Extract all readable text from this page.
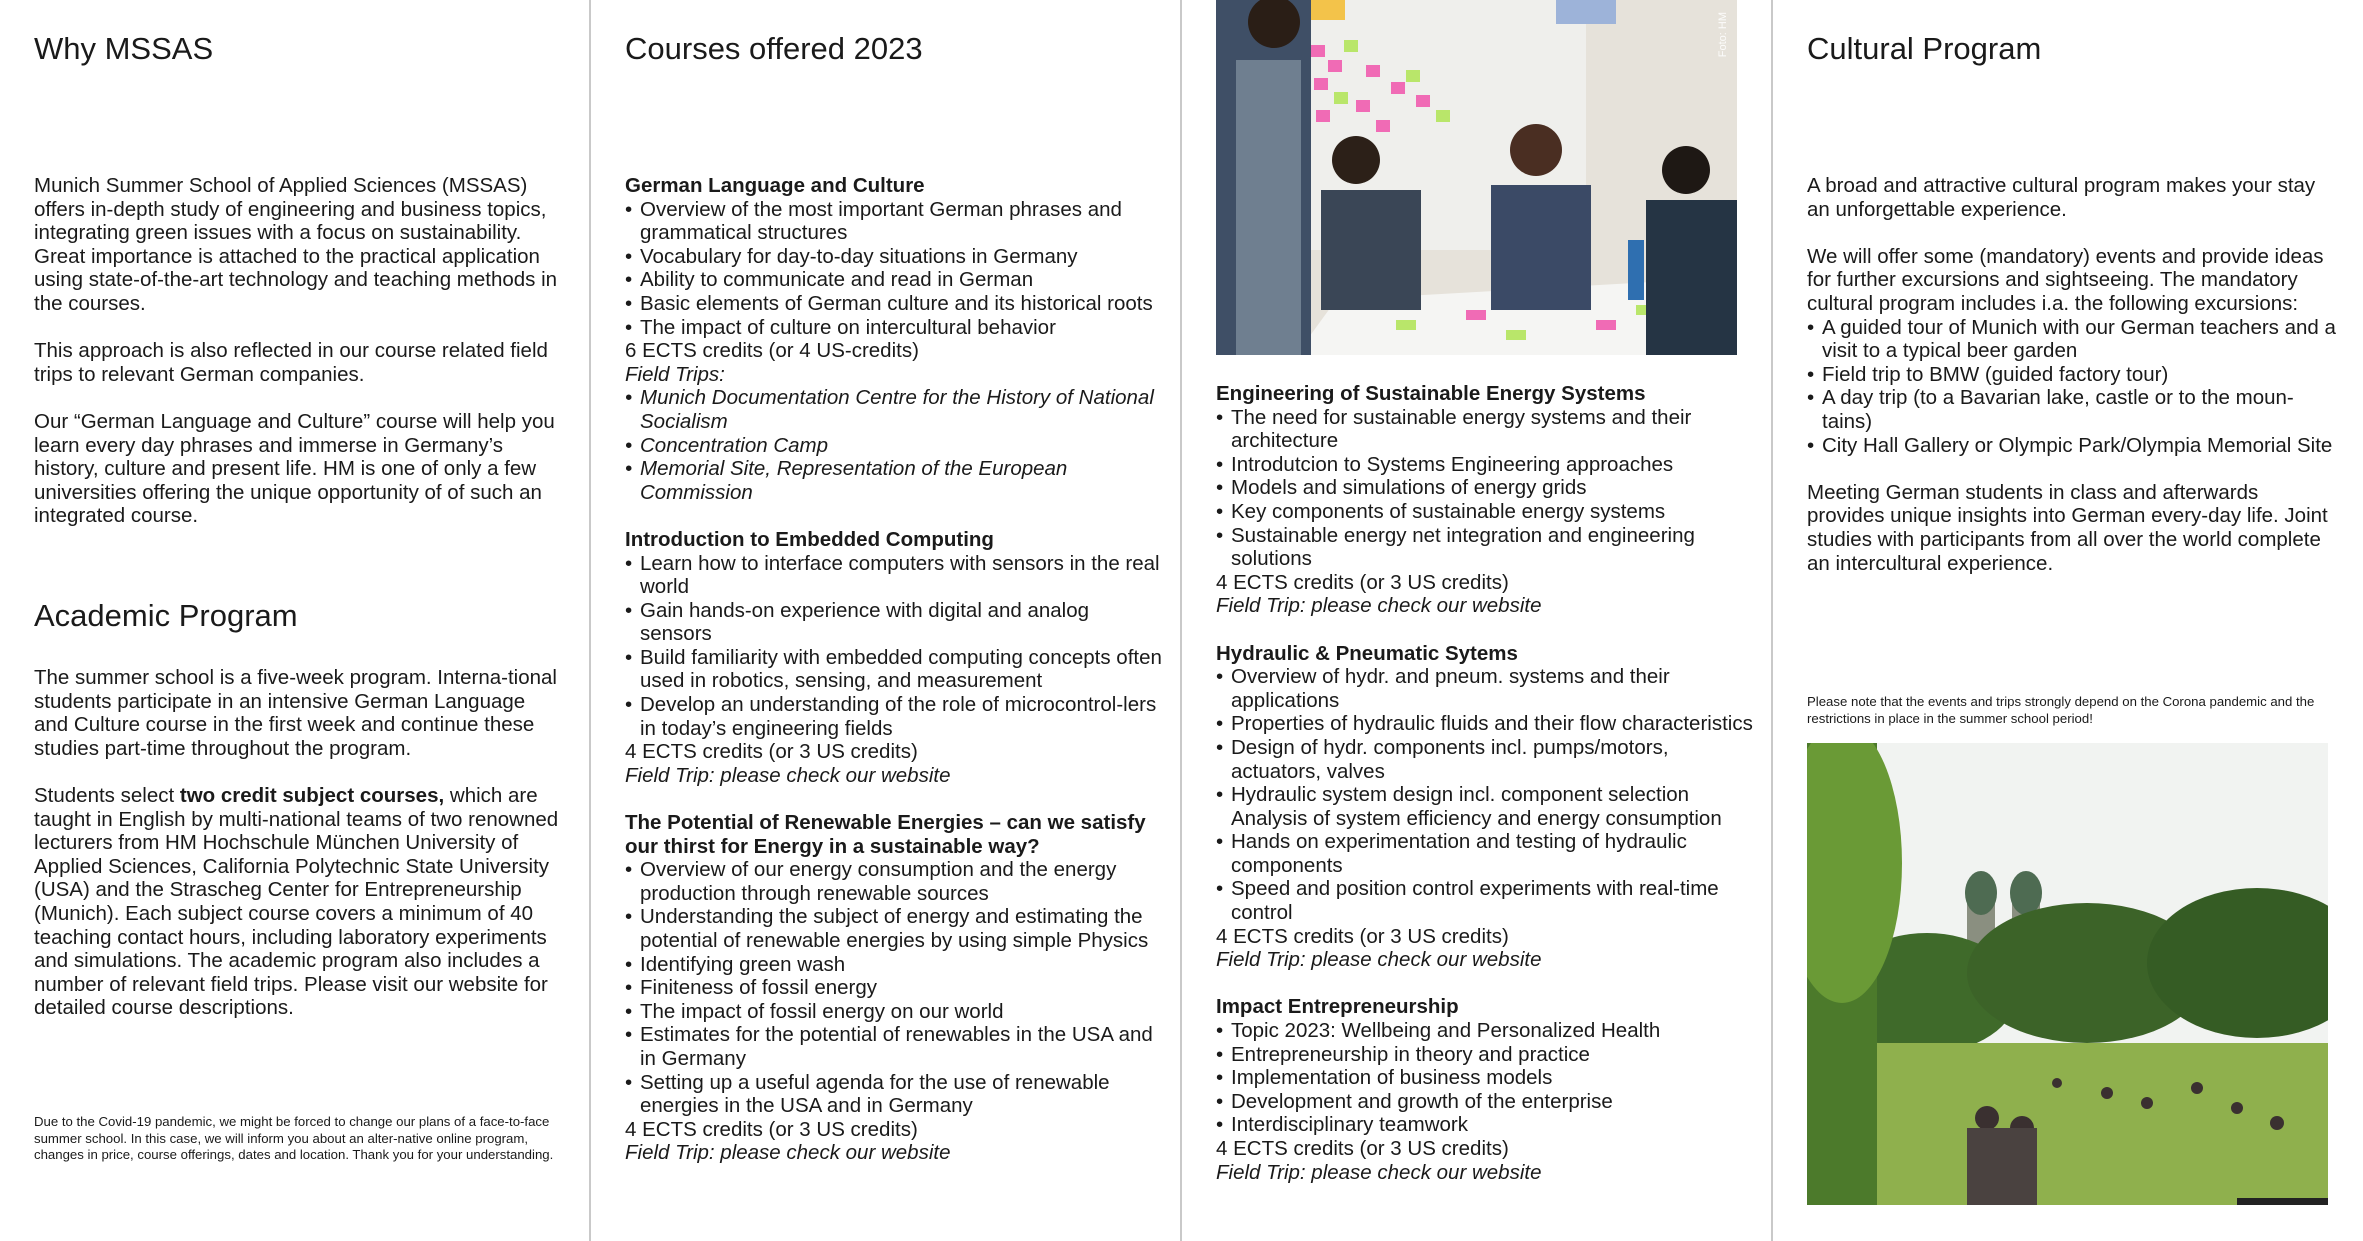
Why MSSAS

Munich Summer School of Applied Sciences (MSSAS) offers in-depth study of engineering and business topics, integrating green issues with a focus on sustainability. Great importance is attached to the practical application using state-of-the-art technology and teaching methods in the courses.

This approach is also reflected in our course related field trips to relevant German companies.

Our “German Language and Culture” course will help you learn every day phrases and immerse in Germany’s history, culture and present life. HM is one of only a few universities offering the unique opportunity of of such an integrated course.

Academic Program

The summer school is a five-week program. Interna-tional students participate in an intensive German Language and Culture course in the first week and continue these studies part-time throughout the program.

Students select two credit subject courses, which are taught in English by multi-national teams of two renowned lecturers from HM Hochschule München University of Applied Sciences, California Polytechnic State University (USA) and the Strascheg Center for Entrepreneurship (Munich). Each subject course covers a minimum of 40 teaching contact hours, including laboratory experiments and simulations. The academic program also includes a number of relevant field trips. Please visit our website for detailed course descriptions.

Due to the Covid-19 pandemic, we might be forced to change our plans of a face-to-face summer school. In this case, we will inform you about an alter-native online program, changes in price, course offerings, dates and location. Thank you for your understanding.
Courses offered 2023
German Language and Culture
• Overview of the most important German phrases and grammatical structures
• Vocabulary for day-to-day situations in Germany
• Ability to communicate and read in German
• Basic elements of German culture and its historical roots
• The impact of culture on intercultural behavior
6 ECTS credits (or 4 US-credits)
Field Trips:
• Munich Documentation Centre for the History of National Socialism
• Concentration Camp
• Memorial Site, Representation of the European Commission
Introduction to Embedded Computing
• Learn how to interface computers with sensors in the real world
• Gain hands-on experience with digital and analog sensors
• Build familiarity with embedded computing concepts often used in robotics, sensing, and measurement
• Develop an understanding of the role of microcontrol-lers in today’s engineering fields
4 ECTS credits (or 3 US credits)
Field Trip: please check our website
The Potential of Renewable Energies – can we satisfy our thirst for Energy in a sustainable way?
• Overview of our energy consumption and the energy production through renewable sources
• Understanding the subject of energy and estimating the potential of renewable energies by using simple Physics
• Identifying green wash
• Finiteness of fossil energy
• The impact of fossil energy on our world
• Estimates for the potential of renewables in the USA and in Germany
• Setting up a useful agenda for the use of renewable energies in the USA and in Germany
4 ECTS credits (or 3 US credits)
Field Trip: please check our website
Foto: HM
Engineering of Sustainable Energy Systems
• The need for sustainable energy systems and their architecture
• Introdutcion to Systems Engineering approaches
• Models and simulations of energy grids
• Key components of sustainable energy systems
• Sustainable energy net integration and engineering solutions
4 ECTS credits (or 3 US credits)
Field Trip: please check our website
Hydraulic & Pneumatic Sytems
• Overview of hydr. and pneum. systems and their applications
• Properties of hydraulic fluids and their flow characteristics
• Design of hydr. components incl. pumps/motors, actuators, valves
• Hydraulic system design incl. component selection Analysis of system efficiency and energy consumption
• Hands on experimentation and testing of hydraulic components
• Speed and position control experiments with real-time control
4 ECTS credits (or 3 US credits)
Field Trip: please check our website
Impact Entrepreneurship
• Topic 2023: Wellbeing and Personalized Health
• Entrepreneurship in theory and practice
• Implementation of business models
• Development and growth of the enterprise
• Interdisciplinary teamwork
4 ECTS credits (or 3 US credits)
Field Trip: please check our website
Cultural Program

A broad and attractive cultural program makes your stay an unforgettable experience.

We will offer some (mandatory) events and provide ideas for further excursions and sightseeing. The mandatory cultural program includes i.a. the following excursions:

• A guided tour of Munich with our German teachers and a visit to a typical beer garden
• Field trip to BMW (guided factory tour)
• A day trip (to a Bavarian lake, castle or to the moun-tains)
• City Hall Gallery or Olympic Park/Olympia Memorial Site

Meeting German students in class and afterwards provides unique insights into German every-day life. Joint studies with participants from all over the world complete an intercultural experience.

Please note that the events and trips strongly depend on the Corona pandemic and the restrictions in place in the summer school period!
